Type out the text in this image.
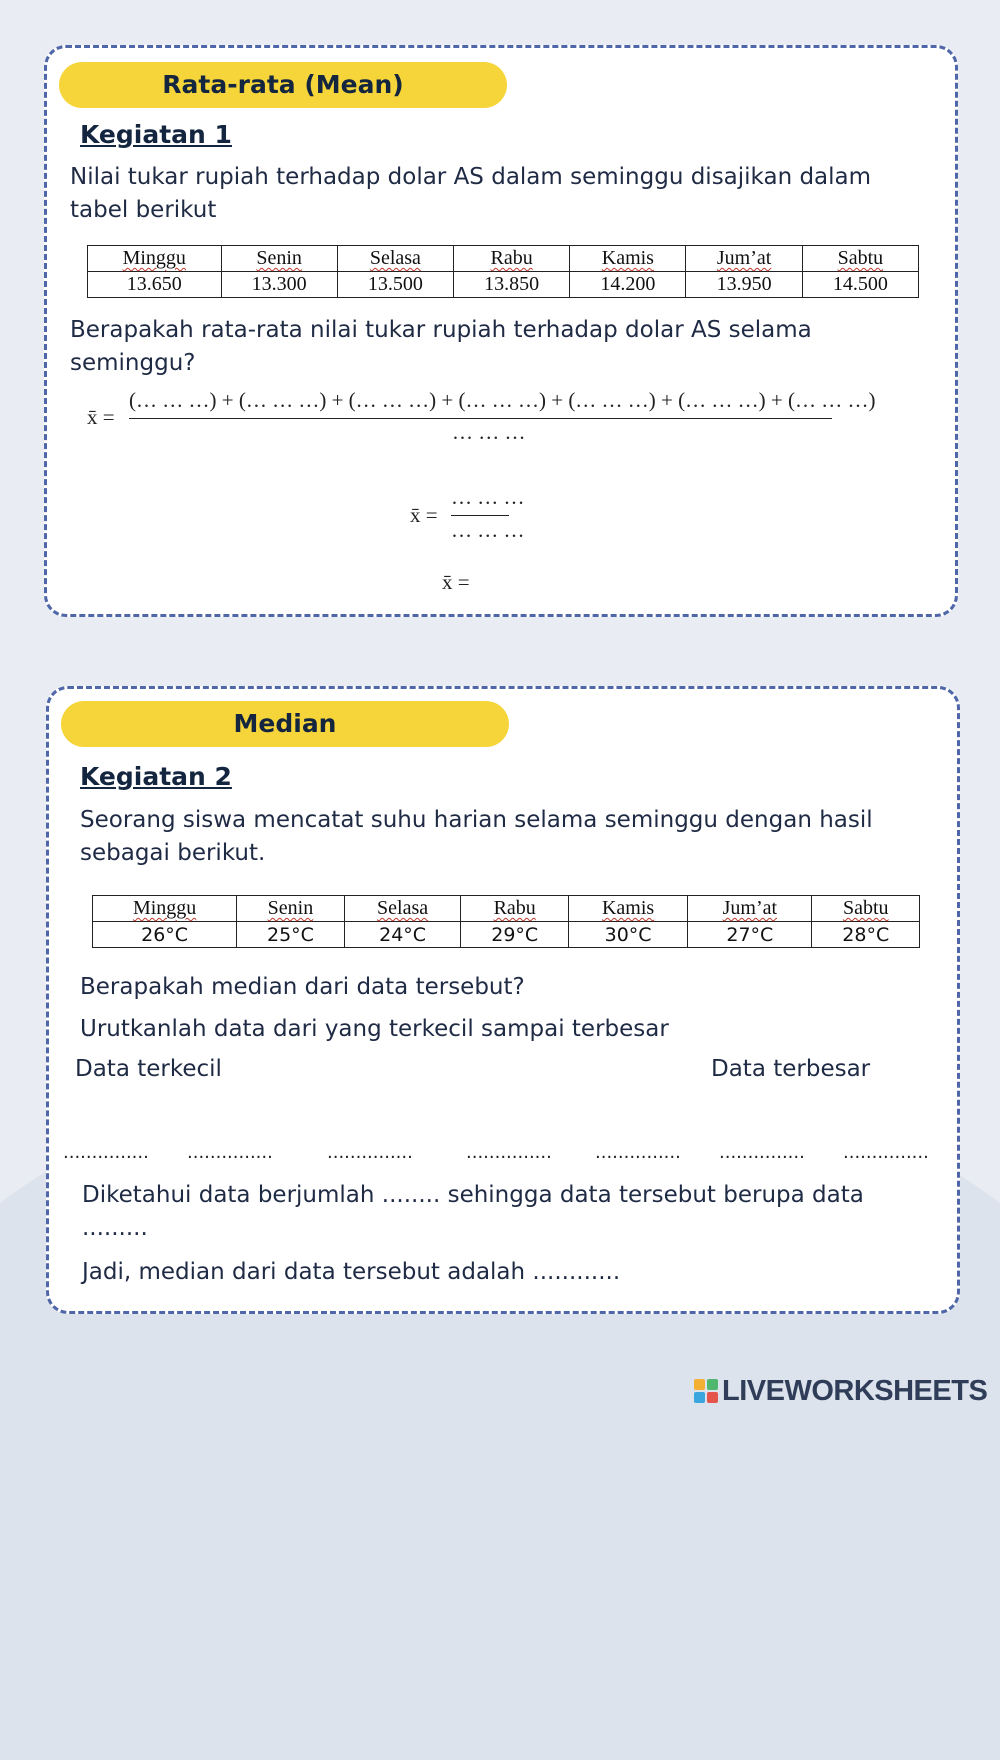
Rata-rata (Mean)
Kegiatan 1
Nilai tukar rupiah terhadap dolar AS dalam seminggu disajikan dalam tabel berikut
Minggu	Senin	Selasa	Rabu	Kamis	Jum’at	Sabtu
13.650	13.300	13.500	13.850	14.200	13.950	14.500
Berapakah rata-rata nilai tukar rupiah terhadap dolar AS selama seminggu?
x̄ =
(… … …) + (… … …) + (… … …) + (… … …) + (… … …) + (… … …) + (… … …)
… … …
x̄ =
… … …
… … …
x̄ =
Median
Kegiatan 2
Seorang siswa mencatat suhu harian selama seminggu dengan hasil sebagai berikut.
Minggu	Senin	Selasa	Rabu	Kamis	Jum’at	Sabtu
26°C	25°C	24°C	29°C	30°C	27°C	28°C
Berapakah median dari data tersebut?
Urutkanlah data dari yang terkecil sampai terbesar
Data terkecil	Data terbesar
Diketahui data berjumlah ........ sehingga data tersebut berupa data .........
Jadi, median dari data tersebut adalah ............
............... ...............	...............	............... ............... ............... ...............
LIVEWORKSHEETS
